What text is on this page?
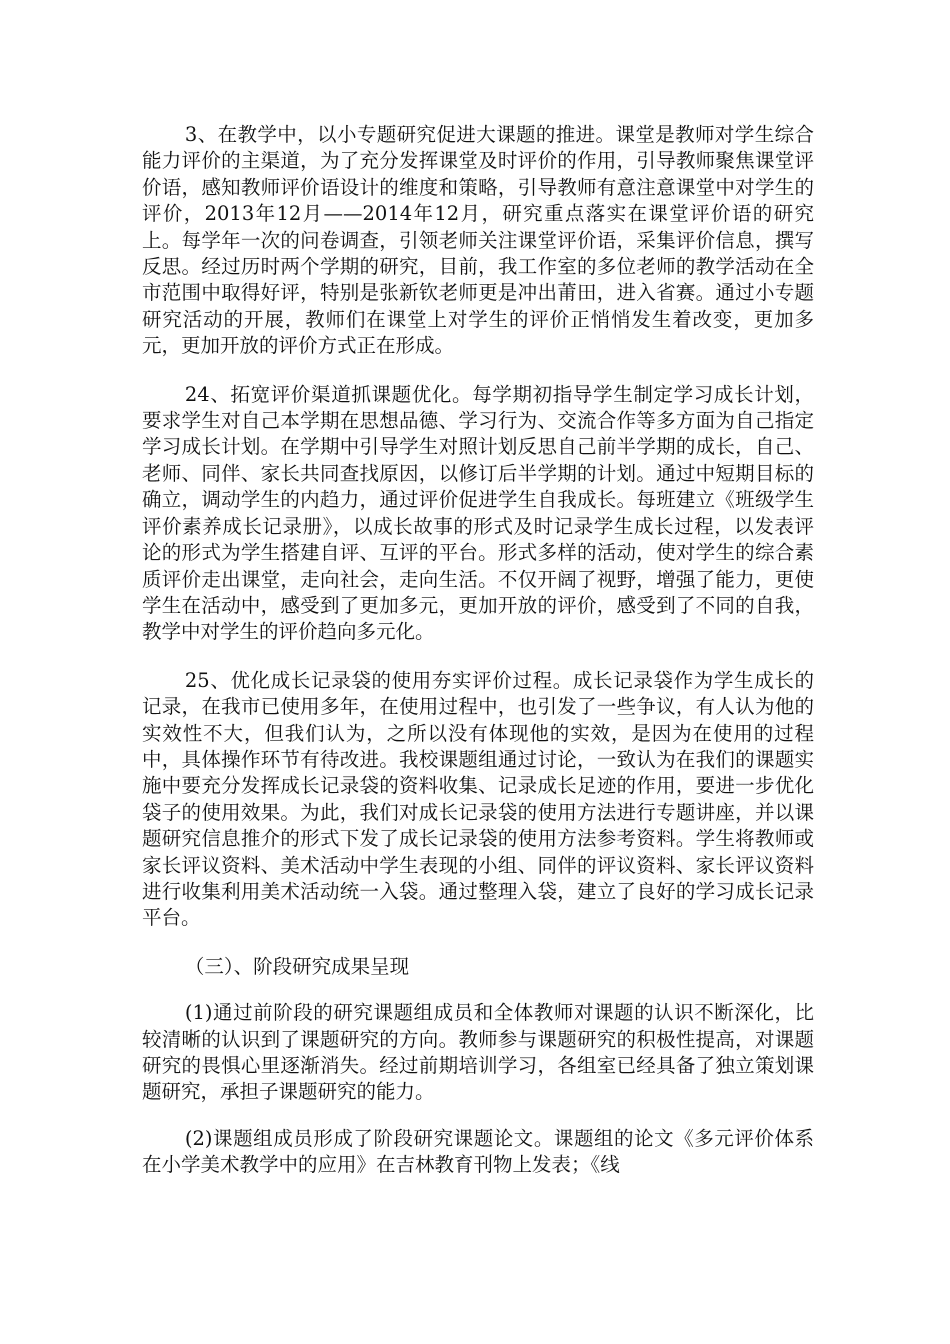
3、在教学中，以小专题研究促进大课题的推进。课堂是教师对学生综合能力评价的主渠道，为了充分发挥课堂及时评价的作用，引导教师聚焦课堂评价语，感知教师评价语设计的维度和策略，引导教师有意注意课堂中对学生的评价，2013年12月——2014年12月，研究重点落实在课堂评价语的研究上。每学年一次的问卷调查，引领老师关注课堂评价语，采集评价信息，撰写反思。经过历时两个学期的研究，目前，我工作室的多位老师的教学活动在全市范围中取得好评，特别是张新钦老师更是冲出莆田，进入省赛。通过小专题研究活动的开展，教师们在课堂上对学生的评价正悄悄发生着改变，更加多元，更加开放的评价方式正在形成。

24、拓宽评价渠道抓课题优化。每学期初指导学生制定学习成长计划，要求学生对自己本学期在思想品德、学习行为、交流合作等多方面为自己指定学习成长计划。在学期中引导学生对照计划反思自己前半学期的成长，自己、老师、同伴、家长共同查找原因，以修订后半学期的计划。通过中短期目标的确立，调动学生的内趋力，通过评价促进学生自我成长。每班建立《班级学生评价素养成长记录册》，以成长故事的形式及时记录学生成长过程，以发表评论的形式为学生搭建自评、互评的平台。形式多样的活动，使对学生的综合素质评价走出课堂，走向社会，走向生活。不仅开阔了视野，增强了能力，更使学生在活动中，感受到了更加多元，更加开放的评价，感受到了不同的自我，教学中对学生的评价趋向多元化。

25、优化成长记录袋的使用夯实评价过程。成长记录袋作为学生成长的记录，在我市已使用多年，在使用过程中，也引发了一些争议，有人认为他的实效性不大，但我们认为，之所以没有体现他的实效，是因为在使用的过程中，具体操作环节有待改进。我校课题组通过讨论，一致认为在我们的课题实施中要充分发挥成长记录袋的资料收集、记录成长足迹的作用，要进一步优化袋子的使用效果。为此，我们对成长记录袋的使用方法进行专题讲座，并以课题研究信息推介的形式下发了成长记录袋的使用方法参考资料。学生将教师或家长评议资料、美术活动中学生表现的小组、同伴的评议资料、家长评议资料进行收集利用美术活动统一入袋。通过整理入袋，建立了良好的学习成长记录平台。

（三）、阶段研究成果呈现

(1)通过前阶段的研究课题组成员和全体教师对课题的认识不断深化，比较清晰的认识到了课题研究的方向。教师参与课题研究的积极性提高，对课题研究的畏惧心里逐渐消失。经过前期培训学习，各组室已经具备了独立策划课题研究，承担子课题研究的能力。

(2)课题组成员形成了阶段研究课题论文。课题组的论文《多元评价体系在小学美术教学中的应用》在吉林教育刊物上发表；《线
